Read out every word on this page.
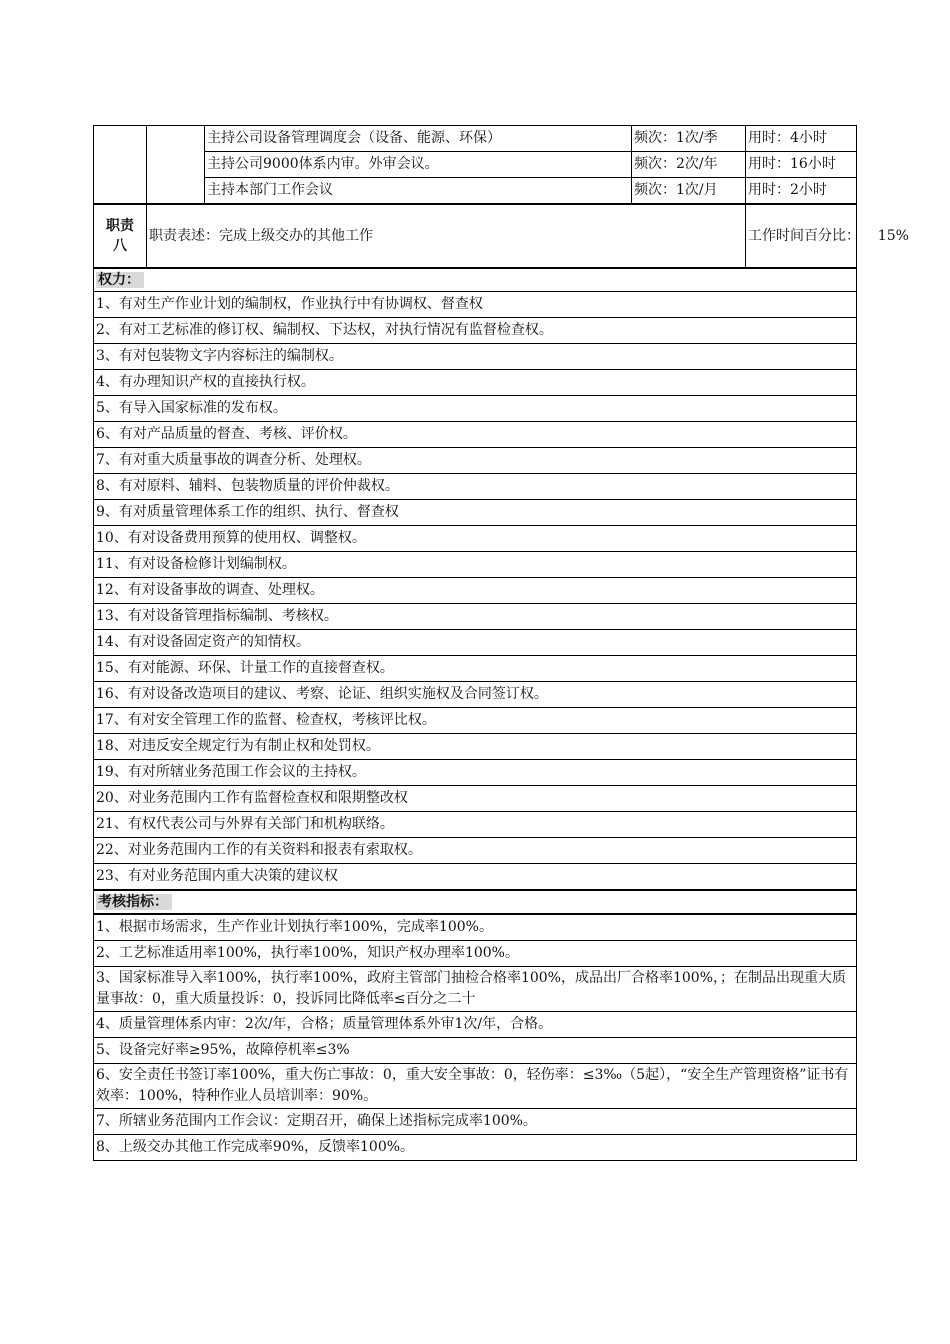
		主持公司设备管理调度会（设备、能源、环保）	频次：1次/季	用时：4小时
		主持公司9000体系内审。外审会议。	频次：2次/年	用时：16小时
		主持本部门工作会议	频次：1次/月	用时：2小时

职责
八	职责表述：完成上级交办的其他工作			工作时间百分比：    15%
权力：				
1、有对生产作业计划的编制权，作业执行中有协调权、督查权				
2、有对工艺标准的修订权、编制权、下达权，对执行情况有监督检查权。				
3、有对包装物文字内容标注的编制权。				
4、有办理知识产权的直接执行权。				
5、有导入国家标准的发布权。				
6、有对产品质量的督查、考核、评价权。				
7、有对重大质量事故的调查分析、处理权。				
8、有对原料、辅料、包装物质量的评价仲裁权。				
9、有对质量管理体系工作的组织、执行、督查权				
10、有对设备费用预算的使用权、调整权。				
11、有对设备检修计划编制权。				
12、有对设备事故的调查、处理权。				
13、有对设备管理指标编制、考核权。				
14、有对设备固定资产的知情权。				
15、有对能源、环保、计量工作的直接督查权。				
16、有对设备改造项目的建议、考察、论证、组织实施权及合同签订权。				
17、有对安全管理工作的监督、检查权，考核评比权。				
18、对违反安全规定行为有制止权和处罚权。				
19、有对所辖业务范围工作会议的主持权。				
20、对业务范围内工作有监督检查权和限期整改权				
21、有权代表公司与外界有关部门和机构联络。				
22、对业务范围内工作的有关资料和报表有索取权。				
23、有对业务范围内重大决策的建议权				
考核指标：				
1、根据市场需求，生产作业计划执行率100%，完成率100%。				
2、工艺标准适用率100%，执行率100%，知识产权办理率100%。				
3、国家标准导入率100%，执行率100%，政府主管部门抽检合格率100%，成品出厂合格率100%，；在制品出现重大质量事故：0，重大质量投诉：0，投诉同比降低率≤百分之二十				
4、质量管理体系内审：2次/年，合格；质量管理体系外审1次/年，合格。				
5、设备完好率≥95%，故障停机率≤3%				
6、安全责任书签订率100%，重大伤亡事故：0，重大安全事故：0，轻伤率：≤3‰（5起），“安全生产管理资格”证书有效率：100%，特种作业人员培训率：90%。				
7、所辖业务范围内工作会议：定期召开，确保上述指标完成率100%。				
8、上级交办其他工作完成率90%，反馈率100%。				
